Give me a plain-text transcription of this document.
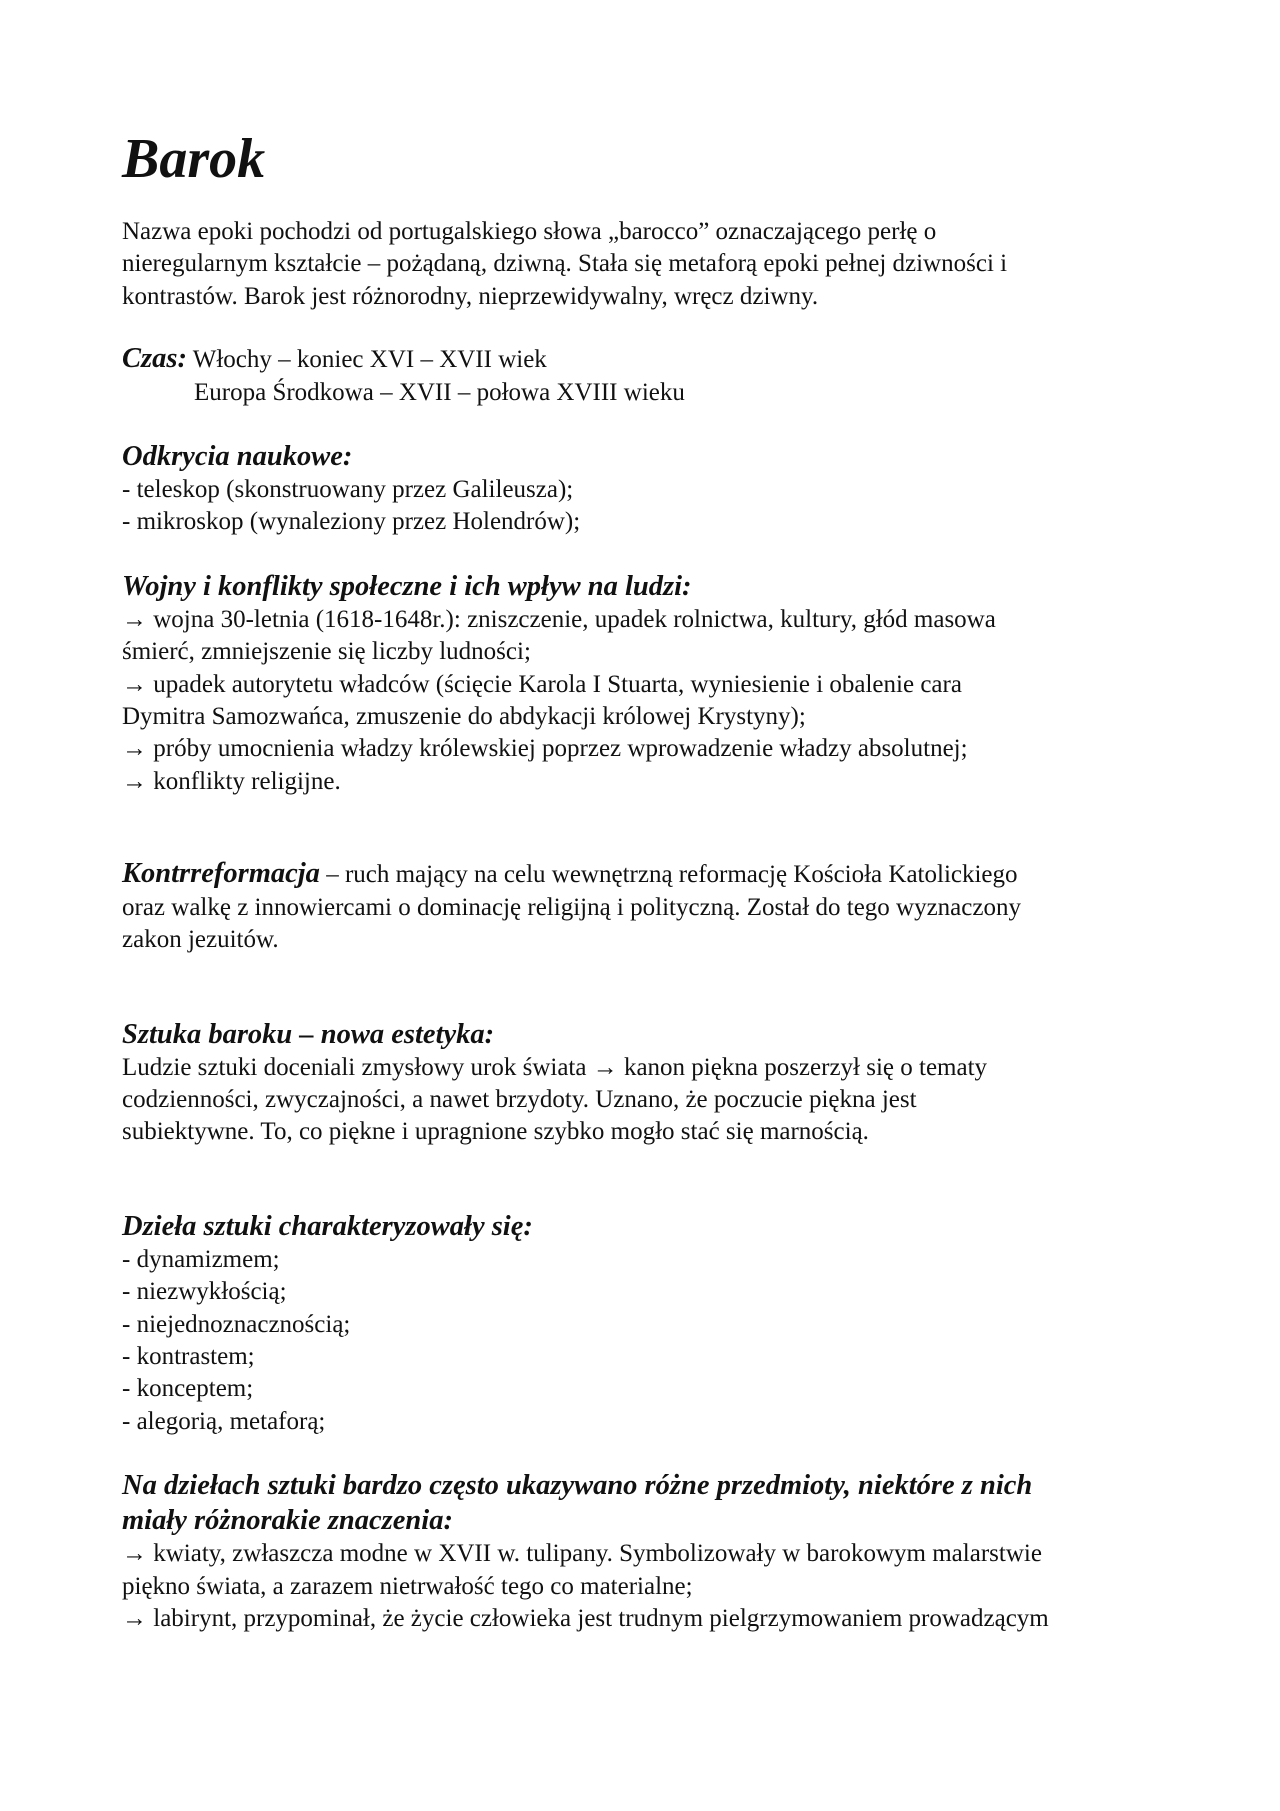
Barok
Nazwa epoki pochodzi od portugalskiego słowa „barocco” oznaczającego perłę o
nieregularnym kształcie – pożądaną, dziwną. Stała się metaforą epoki pełnej dziwności i
kontrastów. Barok jest różnorodny, nieprzewidywalny, wręcz dziwny.
Czas: Włochy – koniec XVI – XVII wiek
Europa Środkowa – XVII – połowa XVIII wieku
Odkrycia naukowe:
- teleskop (skonstruowany przez Galileusza);
- mikroskop (wynaleziony przez Holendrów);
Wojny i konflikty społeczne i ich wpływ na ludzi:
→ wojna 30-letnia (1618-1648r.): zniszczenie, upadek rolnictwa, kultury, głód masowa
śmierć, zmniejszenie się liczby ludności;
→ upadek autorytetu władców (ścięcie Karola I Stuarta, wyniesienie i obalenie cara
Dymitra Samozwańca, zmuszenie do abdykacji królowej Krystyny);
→ próby umocnienia władzy królewskiej poprzez wprowadzenie władzy absolutnej;
→ konflikty religijne.
Kontrreformacja – ruch mający na celu wewnętrzną reformację Kościoła Katolickiego
oraz walkę z innowiercami o dominację religijną i polityczną. Został do tego wyznaczony
zakon jezuitów.
Sztuka baroku – nowa estetyka:
Ludzie sztuki doceniali zmysłowy urok świata → kanon piękna poszerzył się o tematy
codzienności, zwyczajności, a nawet brzydoty. Uznano, że poczucie piękna jest
subiektywne. To, co piękne i upragnione szybko mogło stać się marnością.
Dzieła sztuki charakteryzowały się:
- dynamizmem;
- niezwykłością;
- niejednoznacznością;
- kontrastem;
- konceptem;
- alegorią, metaforą;
Na dziełach sztuki bardzo często ukazywano różne przedmioty, niektóre z nich
miały różnorakie znaczenia:
→ kwiaty, zwłaszcza modne w XVII w. tulipany. Symbolizowały w barokowym malarstwie
piękno świata, a zarazem nietrwałość tego co materialne;
→ labirynt, przypominał, że życie człowieka jest trudnym pielgrzymowaniem prowadzącym
